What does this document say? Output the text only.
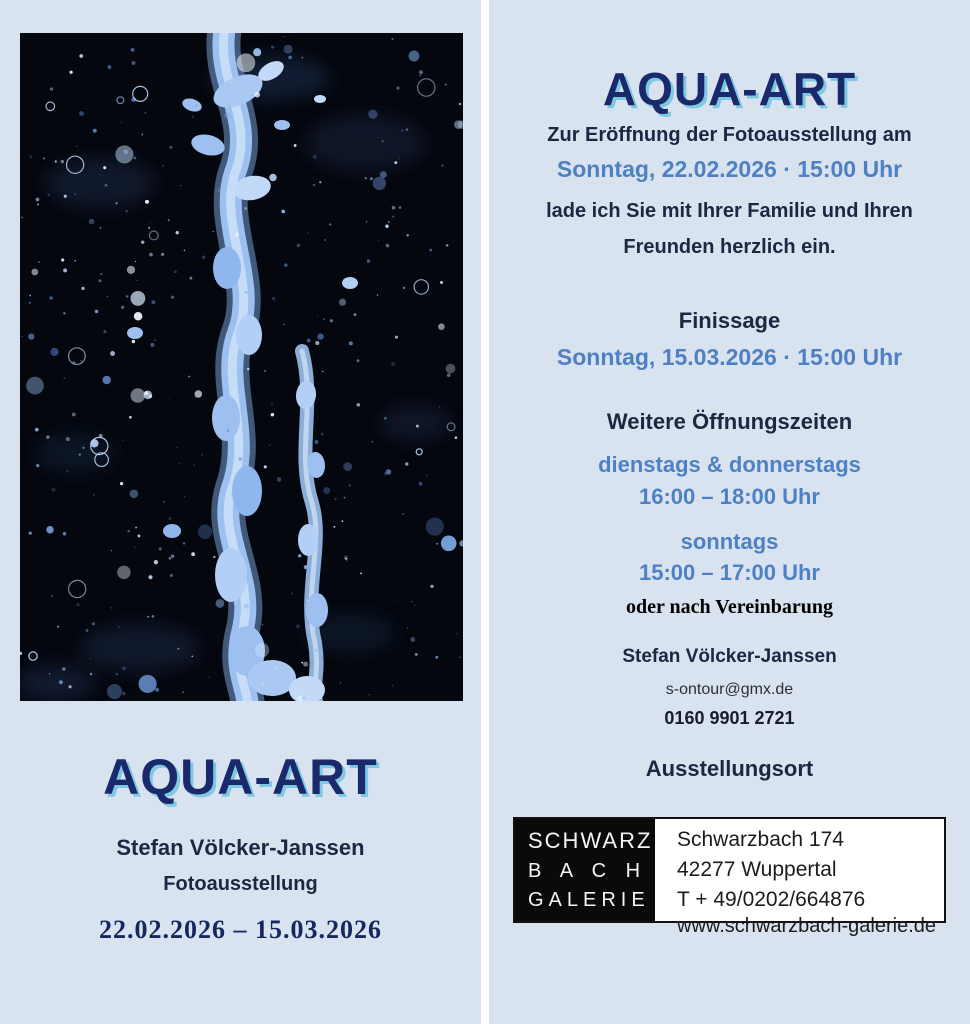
AQUA-ART
Stefan Völcker-Janssen
Fotoausstellung
22.02.2026 – 15.03.2026
AQUA-ART
Zur Eröffnung der Fotoausstellung am
Sonntag, 22.02.2026 · 15:00 Uhr
lade ich Sie mit Ihrer Familie und Ihren
Freunden herzlich ein.
Finissage
Sonntag, 15.03.2026 · 15:00 Uhr
Weitere Öffnungszeiten
dienstags & donnerstags
16:00 – 18:00 Uhr
sonntags
15:00 – 17:00 Uhr
oder nach Vereinbarung
Stefan Völcker-Janssen
s-ontour@gmx.de
0160 9901 2721
Ausstellungsort
SCHWARZ
B A C H
GALERIE
Schwarzbach 174
42277 Wuppertal
T + 49/0202/664876
www.schwarzbach-galerie.de
